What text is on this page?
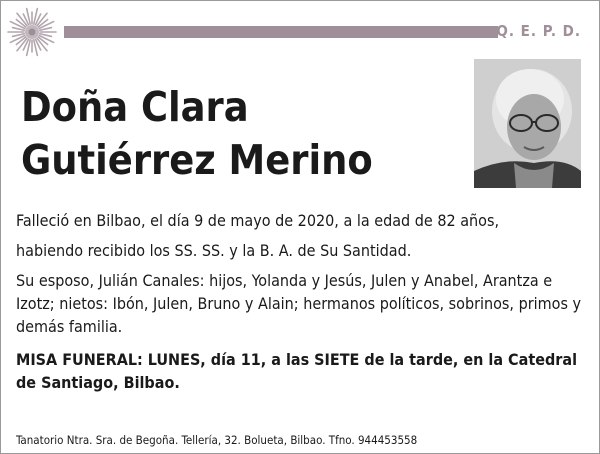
Q. E. P. D.
Doña Clara
Gutiérrez Merino
Falleció en Bilbao, el día 9 de mayo de 2020, a la edad de 82 años,
habiendo recibido los SS. SS. y la B. A. de Su Santidad.
Su esposo, Julián Canales: hijos, Yolanda y Jesús, Julen y Anabel, Arantza e Izotz; nietos: Ibón, Julen, Bruno y Alain; hermanos políticos, sobrinos, primos y demás familia.
MISA FUNERAL: LUNES, día 11, a las SIETE de la tarde, en la Catedral de Santiago, Bilbao.
Tanatorio Ntra. Sra. de Begoña. Tellería, 32. Bolueta, Bilbao. Tfno. 944453558
